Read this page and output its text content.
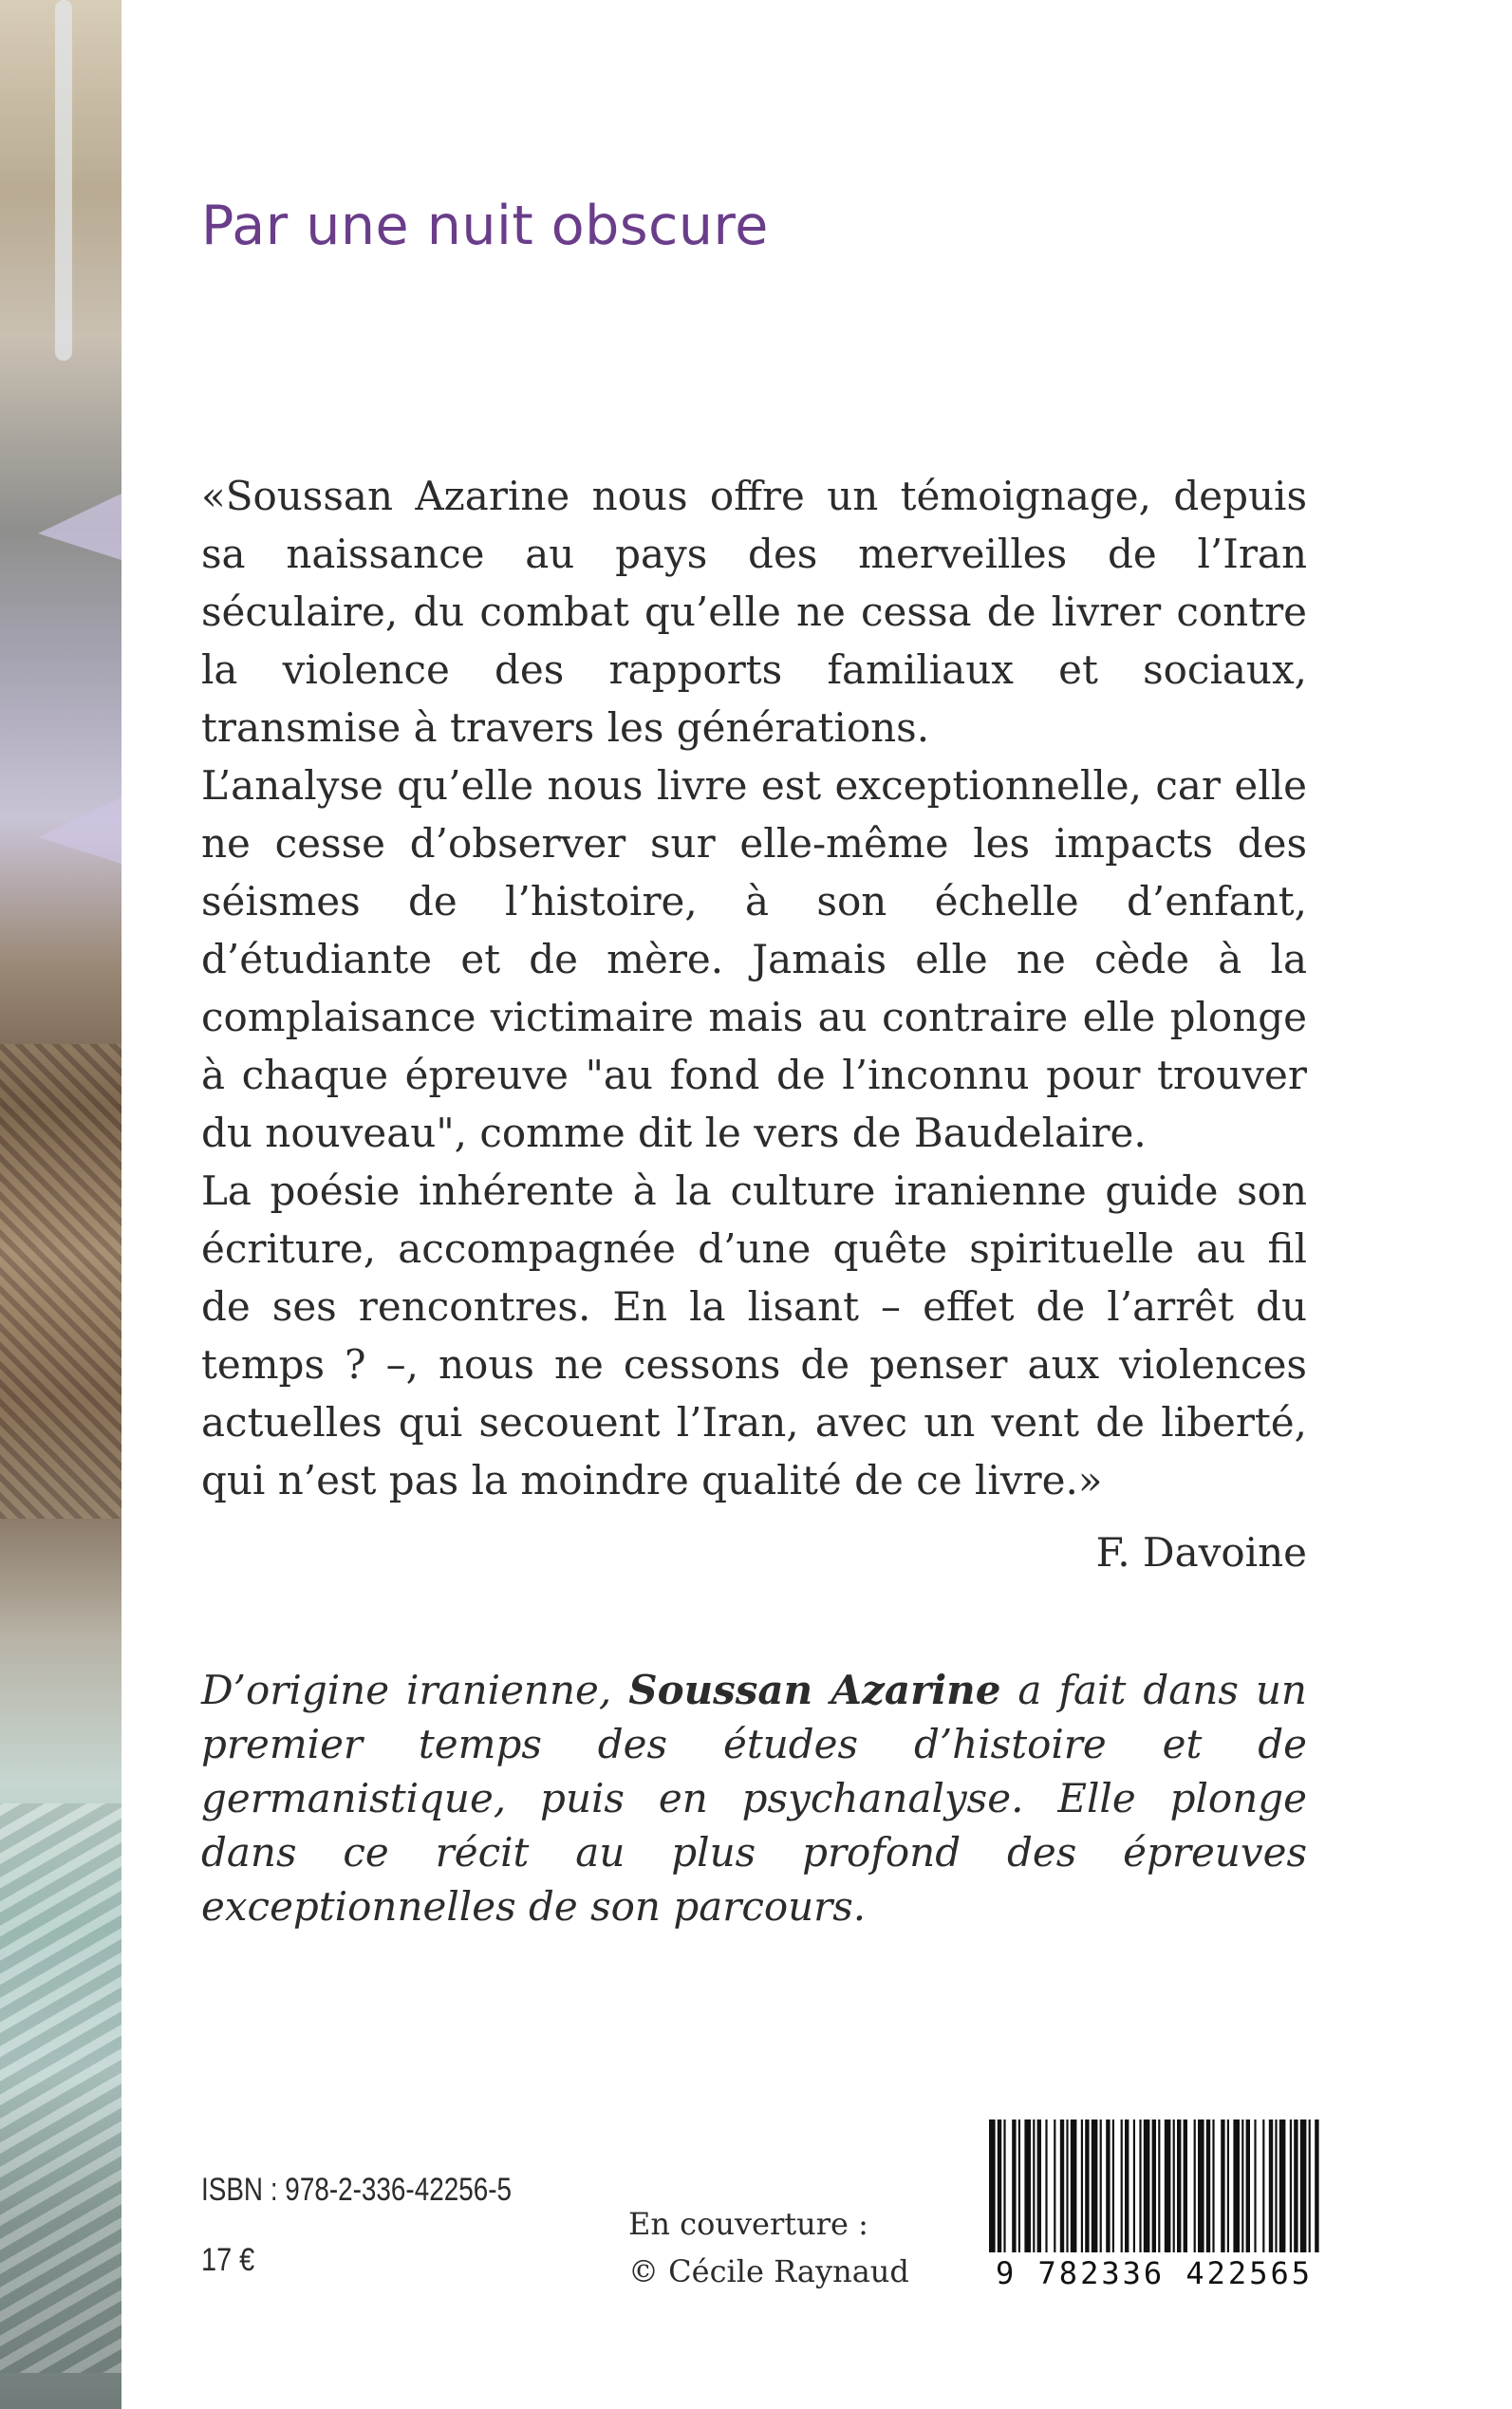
Par une nuit obscure

«Soussan Azarine nous offre un témoignage, depuis sa naissance au pays des merveilles de l’Iran séculaire, du combat qu’elle ne cessa de livrer contre la violence des rapports familiaux et sociaux, transmise à travers les générations.

L’analyse qu’elle nous livre est exceptionnelle, car elle ne cesse d’observer sur elle-même les impacts des séismes de l’histoire, à son échelle d’enfant, d’étudiante et de mère. Jamais elle ne cède à la complaisance victimaire mais au contraire elle plonge à chaque épreuve "au fond de l’inconnu pour trouver du nouveau", comme dit le vers de Baudelaire.

La poésie inhérente à la culture iranienne guide son écriture, accompagnée d’une quête spirituelle au fil de ses rencontres. En la lisant – effet de l’arrêt du temps ? –, nous ne cessons de penser aux violences actuelles qui secouent l’Iran, avec un vent de liberté, qui n’est pas la moindre qualité de ce livre.»

F. Davoine
D’origine iranienne, Soussan Azarine a fait dans un premier temps des études d’histoire et de germanistique, puis en psychanalyse. Elle plonge dans ce récit au plus profond des épreuves exceptionnelles de son parcours.
ISBN : 978-2-336-42256-5
17 €
En couverture :
© Cécile Raynaud	9 782336 422565
